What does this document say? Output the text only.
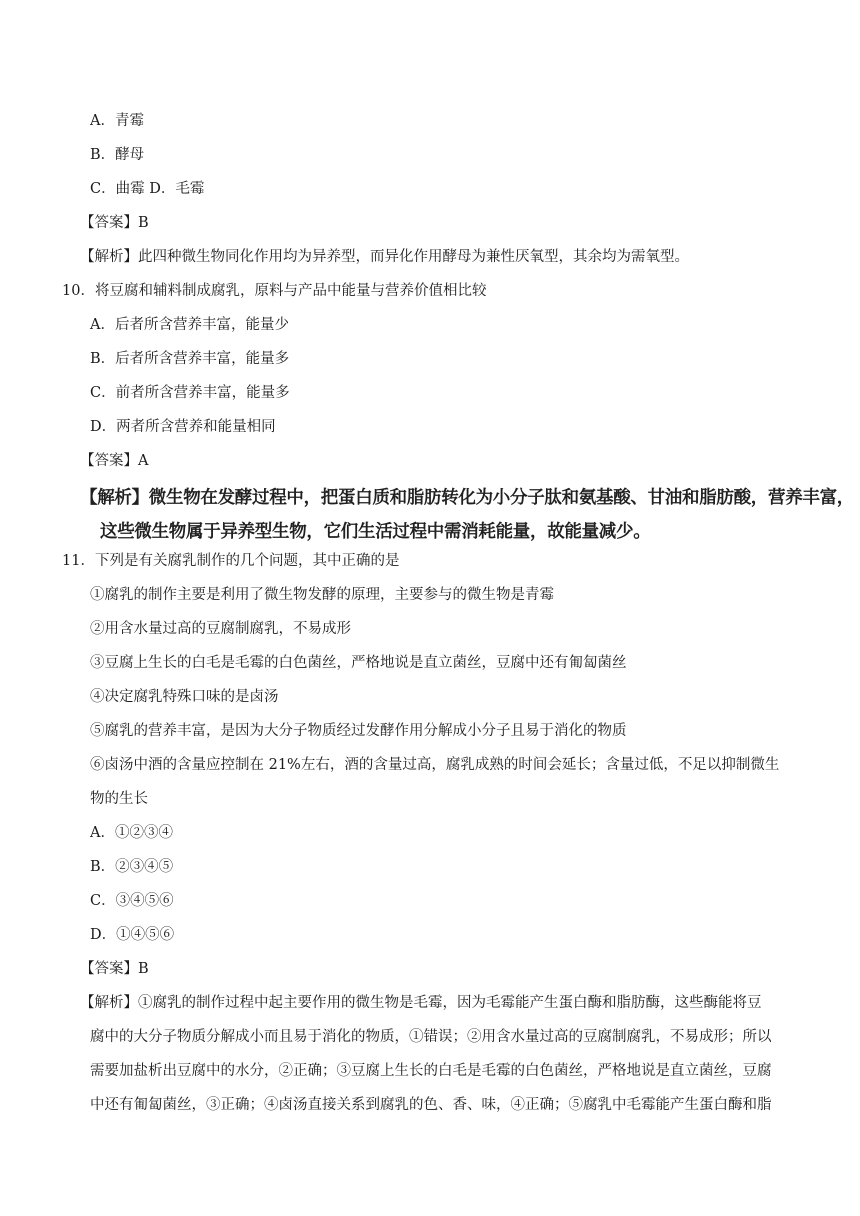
A．青霉
B．酵母
C．曲霉 D．毛霉
【答案】B
【解析】此四种微生物同化作用均为异养型，而异化作用酵母为兼性厌氧型，其余均为需氧型。
10．将豆腐和辅料制成腐乳，原料与产品中能量与营养价值相比较
A．后者所含营养丰富，能量少
B．后者所含营养丰富，能量多
C．前者所含营养丰富，能量多
D．两者所含营养和能量相同
【答案】A
【解析】微生物在发酵过程中，把蛋白质和脂肪转化为小分子肽和氨基酸、甘油和脂肪酸，营养丰富，
这些微生物属于异养型生物，它们生活过程中需消耗能量，故能量减少。
11．下列是有关腐乳制作的几个问题，其中正确的是
①腐乳的制作主要是利用了微生物发酵的原理，主要参与的微生物是青霉
②用含水量过高的豆腐制腐乳，不易成形
③豆腐上生长的白毛是毛霉的白色菌丝，严格地说是直立菌丝，豆腐中还有匍匐菌丝
④决定腐乳特殊口味的是卤汤
⑤腐乳的营养丰富，是因为大分子物质经过发酵作用分解成小分子且易于消化的物质
⑥卤汤中酒的含量应控制在 21%左右，酒的含量过高，腐乳成熟的时间会延长；含量过低，不足以抑制微生
物的生长
A．①②③④
B．②③④⑤
C．③④⑤⑥
D．①④⑤⑥
【答案】B
【解析】①腐乳的制作过程中起主要作用的微生物是毛霉，因为毛霉能产生蛋白酶和脂肪酶，这些酶能将豆
腐中的大分子物质分解成小而且易于消化的物质，①错误；②用含水量过高的豆腐制腐乳，不易成形；所以
需要加盐析出豆腐中的水分，②正确；③豆腐上生长的白毛是毛霉的白色菌丝，严格地说是直立菌丝，豆腐
中还有匍匐菌丝，③正确；④卤汤直接关系到腐乳的色、香、味，④正确；⑤腐乳中毛霉能产生蛋白酶和脂
